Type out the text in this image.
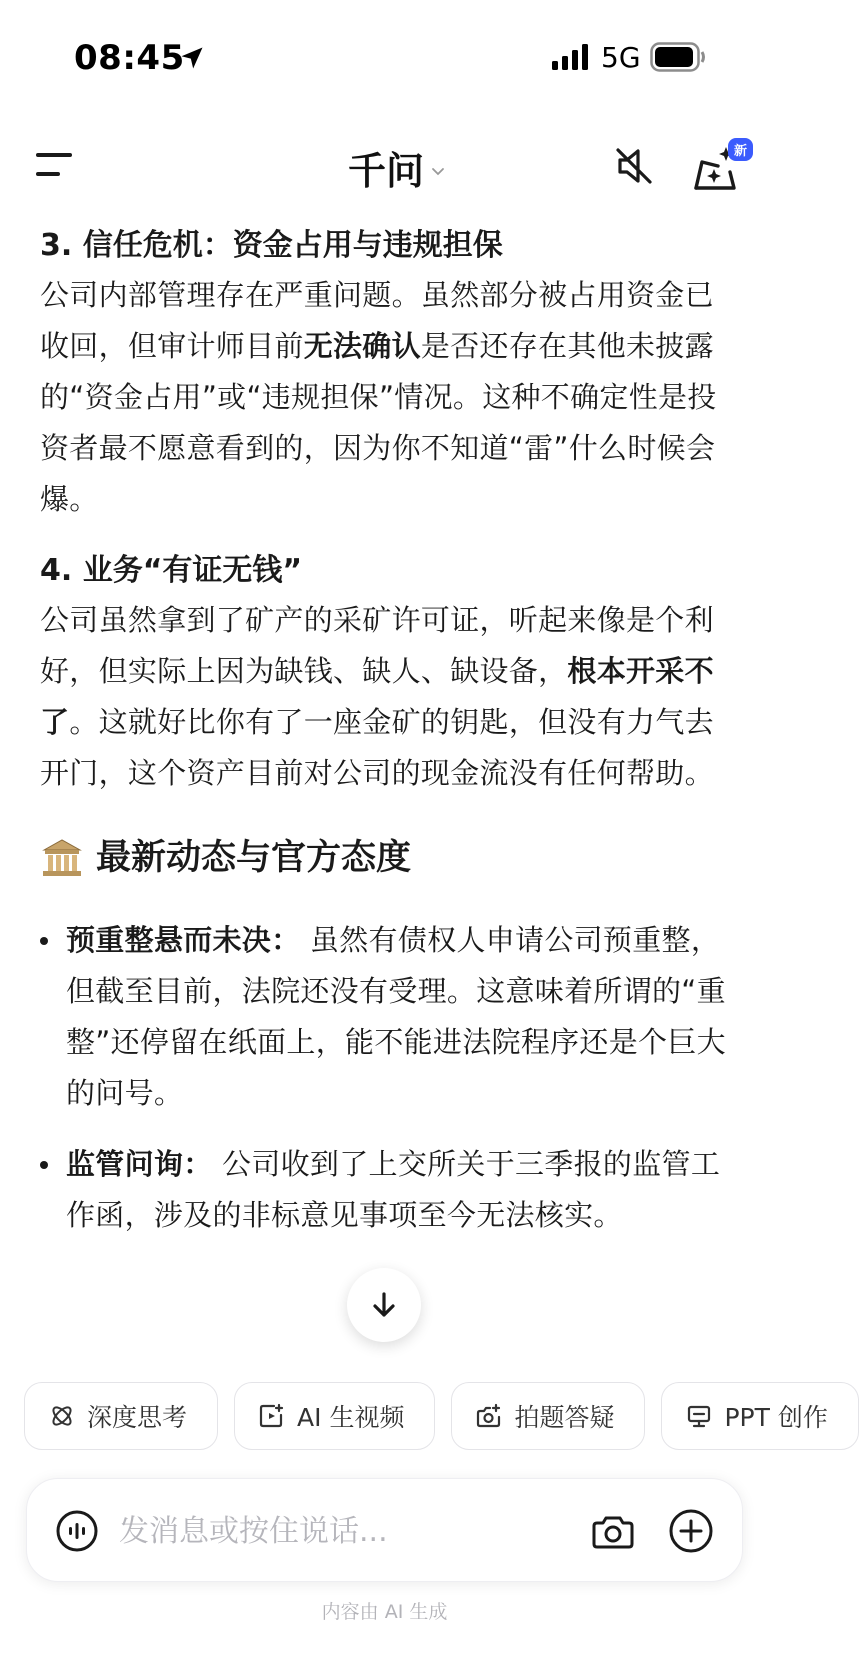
08:45	5G
千问	新
3. 信任危机：资金占用与违规担保
公司内部管理存在严重问题。虽然部分被占用资金已收回，但审计师目前无法确认是否还存在其他未披露的“资金占用”或“违规担保”情况。这种不确定性是投资者最不愿意看到的，因为你不知道“雷”什么时候会爆。
4. 业务“有证无钱”
公司虽然拿到了矿产的采矿许可证，听起来像是个利好，但实际上因为缺钱、缺人、缺设备，根本开采不了。这就好比你有了一座金矿的钥匙，但没有力气去开门，这个资产目前对公司的现金流没有任何帮助。
最新动态与官方态度
预重整悬而未决： 虽然有债权人申请公司预重整，但截至目前，法院还没有受理。这意味着所谓的“重整”还停留在纸面上，能不能进法院程序还是个巨大的问号。
监管问询： 公司收到了上交所关于三季报的监管工作函，涉及的非标意见事项至今无法核实。
深度思考	AI 生视频	拍题答疑	PPT 创作
发消息或按住说话...
内容由 AI 生成
